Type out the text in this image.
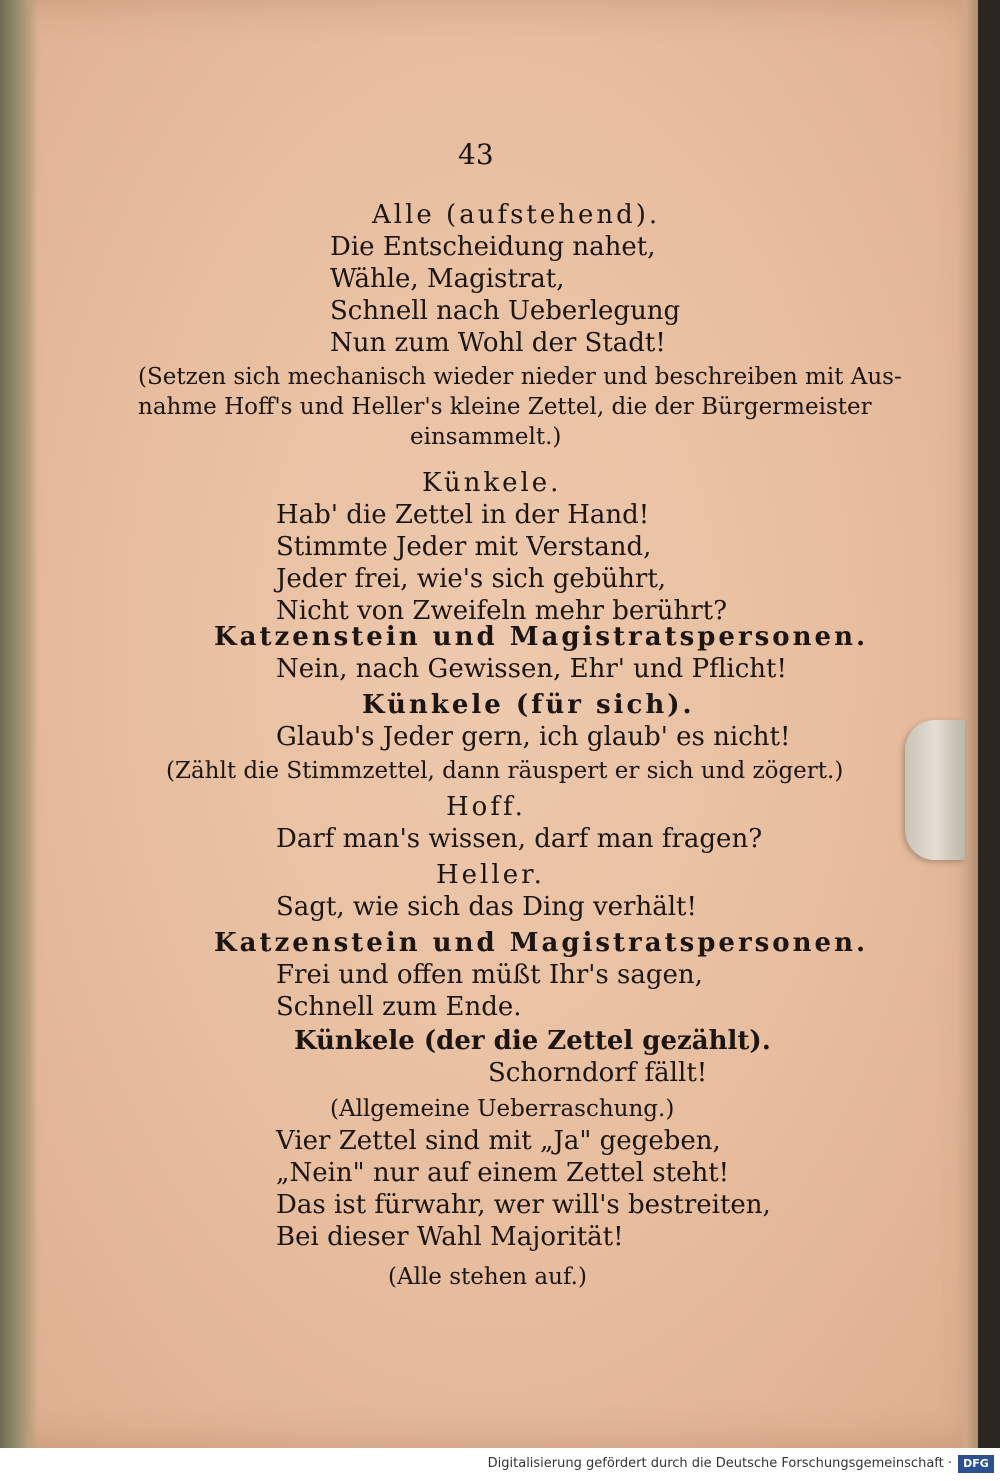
43
Alle (aufstehend).
Die Entscheidung nahet,
Wähle, Magistrat,
Schnell nach Ueberlegung
Nun zum Wohl der Stadt!
(Setzen sich mechanisch wieder nieder und beschreiben mit Aus-
nahme Hoff's und Heller's kleine Zettel, die der Bürgermeister
einsammelt.)
Künkele.
Hab' die Zettel in der Hand!
Stimmte Jeder mit Verstand,
Jeder frei, wie's sich gebührt,
Nicht von Zweifeln mehr berührt?
Katzenstein und Magistratspersonen.
Nein, nach Gewissen, Ehr' und Pflicht!
Künkele (für sich).
Glaub's Jeder gern, ich glaub' es nicht!
(Zählt die Stimmzettel, dann räuspert er sich und zögert.)
Hoff.
Darf man's wissen, darf man fragen?
Heller.
Sagt, wie sich das Ding verhält!
Katzenstein und Magistratspersonen.
Frei und offen müßt Ihr's sagen,
Schnell zum Ende.
Künkele (der die Zettel gezählt).
Schorndorf fällt!
(Allgemeine Ueberraschung.)
Vier Zettel sind mit „Ja" gegeben,
„Nein" nur auf einem Zettel steht!
Das ist fürwahr, wer will's bestreiten,
Bei dieser Wahl Majorität!
(Alle stehen auf.)
Digitalisierung gefördert durch die Deutsche Forschungsgemeinschaft ·	DFG
